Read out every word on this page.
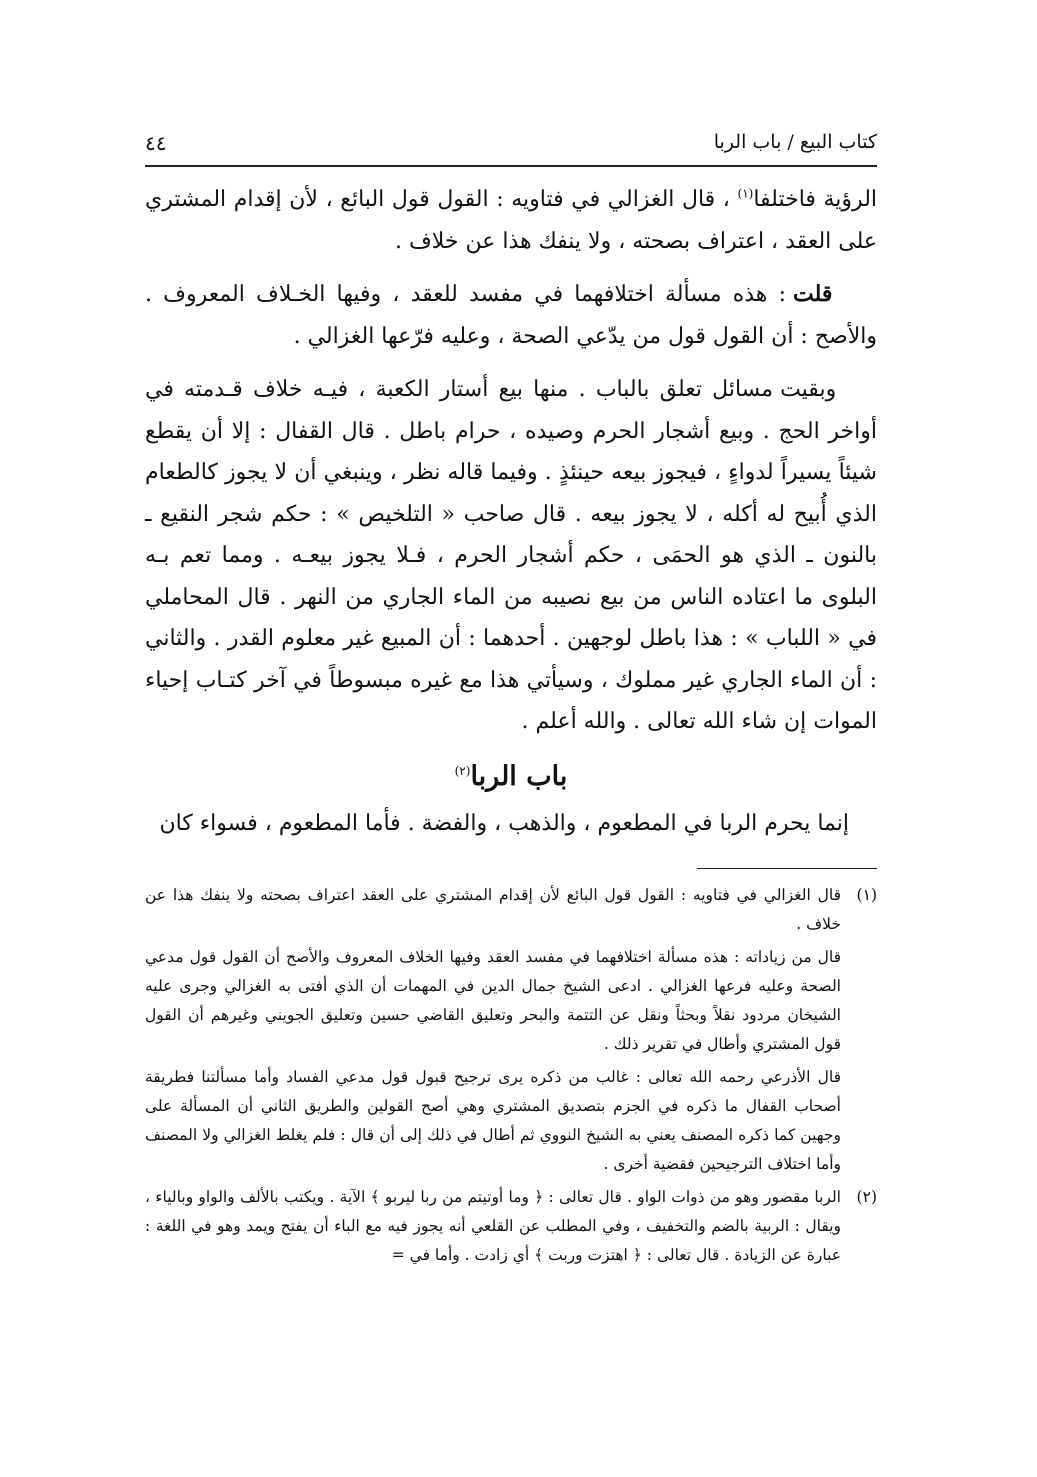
كتاب البيع / باب الربا
٤٤

الرؤية فاختلفا$^{(١)}$ ، قال الغزالي في فتاويه : القول قول البائع ، لأن إقدام المشتري على العقد ، اعتراف بصحته ، ولا ينفك هذا عن خلاف .

قلت : هذه مسألة اختلافهما في مفسد للعقد ، وفيها الخـلاف المعروف . والأصح : أن القول قول من يدّعي الصحة ، وعليه فرّعها الغزالي .

وبقيت مسائل تعلق بالباب . منها بيع أستار الكعبة ، فيـه خلاف قـدمته في أواخر الحج . وبيع أشجار الحرم وصيده ، حرام باطل . قال القفال : إلا أن يقطع شيئاً يسيراً لدواءٍ ، فيجوز بيعه حينئذٍ . وفيما قاله نظر ، وينبغي أن لا يجوز كالطعام الذي أُبيح له أكله ، لا يجوز بيعه . قال صاحب « التلخيص » : حكم شجر النقيع ـ بالنون ـ الذي هو الحمَى ، حكم أشجار الحرم ، فـلا يجوز بيعـه . ومما تعم بـه البلوى ما اعتاده الناس من بيع نصيبه من الماء الجاري من النهر . قال المحاملي في « اللباب » : هذا باطل لوجهين . أحدهما : أن المبيع غير معلوم القدر . والثاني : أن الماء الجاري غير مملوك ، وسيأتي هذا مع غيره مبسوطاً في آخر كتـاب إحياء الموات إن شاء الله تعالى . والله أعلم .

باب الربا$^{(٢)}$

إنما يحرم الربا في المطعوم ، والذهب ، والفضة . فأما المطعوم ، فسواء كان

(١)
قال الغزالي في فتاويه : القول قول البائع لأن إقدام المشتري على العقد اعتراف بصحته ولا ينفك هذا عن خلاف .
قال من زياداته : هذه مسألة اختلافهما في مفسد العقد وفيها الخلاف المعروف والأصح أن القول قول مدعي الصحة وعليه فرعها الغزالي . ادعى الشيخ جمال الدين في المهمات أن الذي أفتى به الغزالي وجرى عليه الشيخان مردود نقلاً وبحثاً ونقل عن التتمة والبحر وتعليق القاضي حسين وتعليق الجويني وغيرهم أن القول قول المشتري وأطال في تقرير ذلك .
قال الأذرعي رحمه الله تعالى : غالب من ذكره يرى ترجيح قبول قول مدعي الفساد وأما مسألتنا فطريقة أصحاب القفال ما ذكره في الجزم بتصديق المشتري وهي أصح القولين والطريق الثاني أن المسألة على وجهين كما ذكره المصنف يعني به الشيخ النووي ثم أطال في ذلك إلى أن قال : فلم يغلط الغزالي ولا المصنف وأما اختلاف الترجيحين فقضية أخرى .
(٢)
الربا مقصور وهو من ذوات الواو . قال تعالى : ﴿ وما أوتيتم من ربا ليربو ﴾ الآية . ويكتب بالألف والواو وبالياء ، ويقال : الربية بالضم والتخفيف ، وفي المطلب عن القلعي أنه يجوز فيه مع الباء أن يفتح ويمد وهو في اللغة : عبارة عن الزيادة . قال تعالى : ﴿ اهتزت وربت ﴾ أي زادت . وأما في =
